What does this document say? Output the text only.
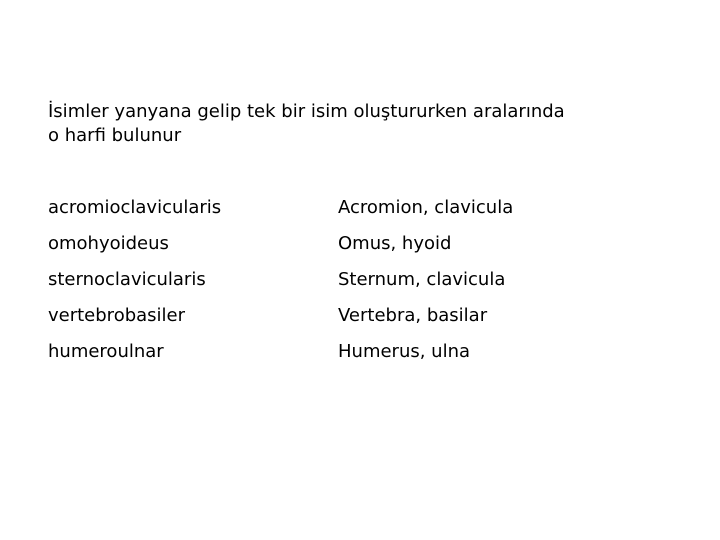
İsimler yanyana gelip tek bir isim oluştururken aralarında
o harfi bulunur

acromioclavicularis	Acromion, clavicula
omohyoideus	Omus, hyoid
sternoclavicularis	Sternum, clavicula
vertebrobasiler	Vertebra, basilar
humeroulnar	Humerus, ulna
